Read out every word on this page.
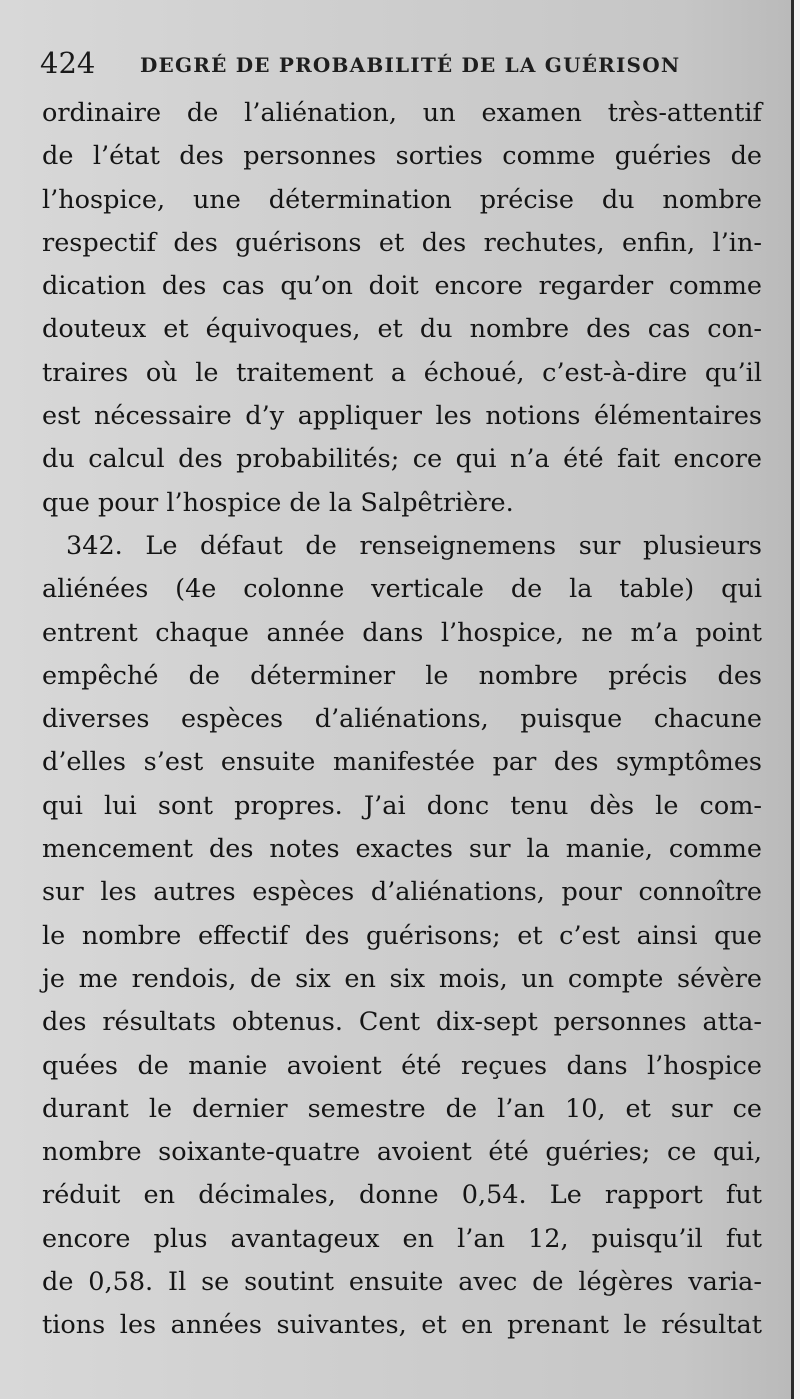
424 DEGRÉ DE PROBABILITÉ DE LA GUÉRISON
ordinaire de l’aliénation, un examen très-attentif
de l’état des personnes sorties comme guéries de
l’hospice, une détermination précise du nombre
respectif des guérisons et des rechutes, enfin, l’in-
dication des cas qu’on doit encore regarder comme
douteux et équivoques, et du nombre des cas con-
traires où le traitement a échoué, c’est-à-dire qu’il
est nécessaire d’y appliquer les notions élémentaires
du calcul des probabilités; ce qui n’a été fait encore
que pour l’hospice de la Salpêtrière.
342. Le défaut de renseignemens sur plusieurs
aliénées (4e colonne verticale de la table) qui
entrent chaque année dans l’hospice, ne m’a point
empêché de déterminer le nombre précis des
diverses espèces d’aliénations, puisque chacune
d’elles s’est ensuite manifestée par des symptômes
qui lui sont propres. J’ai donc tenu dès le com-
mencement des notes exactes sur la manie, comme
sur les autres espèces d’aliénations, pour connoître
le nombre effectif des guérisons; et c’est ainsi que
je me rendois, de six en six mois, un compte sévère
des résultats obtenus. Cent dix-sept personnes atta-
quées de manie avoient été reçues dans l’hospice
durant le dernier semestre de l’an 10, et sur ce
nombre soixante-quatre avoient été guéries; ce qui,
réduit en décimales, donne 0,54. Le rapport fut
encore plus avantageux en l’an 12, puisqu’il fut
de 0,58. Il se soutint ensuite avec de légères varia-
tions les années suivantes, et en prenant le résultat
